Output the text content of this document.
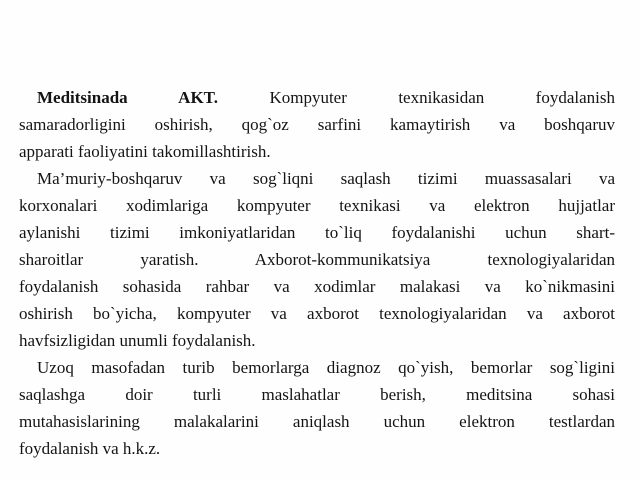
Meditsinada AKT. Kompyuter texnikasidan foydalanish
samaradorligini oshirish, qog`oz sarfini kamaytirish va boshqaruv
apparati faoliyatini takomillashtirish.
Ma’muriy-boshqaruv va sog`liqni saqlash tizimi muassasalari va
korxonalari xodimlariga kompyuter texnikasi va elektron hujjatlar
aylanishi tizimi imkoniyatlaridan to`liq foydalanishi uchun shart-
sharoitlar yaratish. Axborot-kommunikatsiya texnologiyalaridan
foydalanish sohasida rahbar va xodimlar malakasi va ko`nikmasini
oshirish bo`yicha, kompyuter va axborot texnologiyalaridan va axborot
havfsizligidan unumli foydalanish.
Uzoq masofadan turib bemorlarga diagnoz qo`yish, bemorlar sog`ligini
saqlashga doir turli maslahatlar berish, meditsina sohasi
mutahasislarining malakalarini aniqlash uchun elektron testlardan
foydalanish va h.k.z.
